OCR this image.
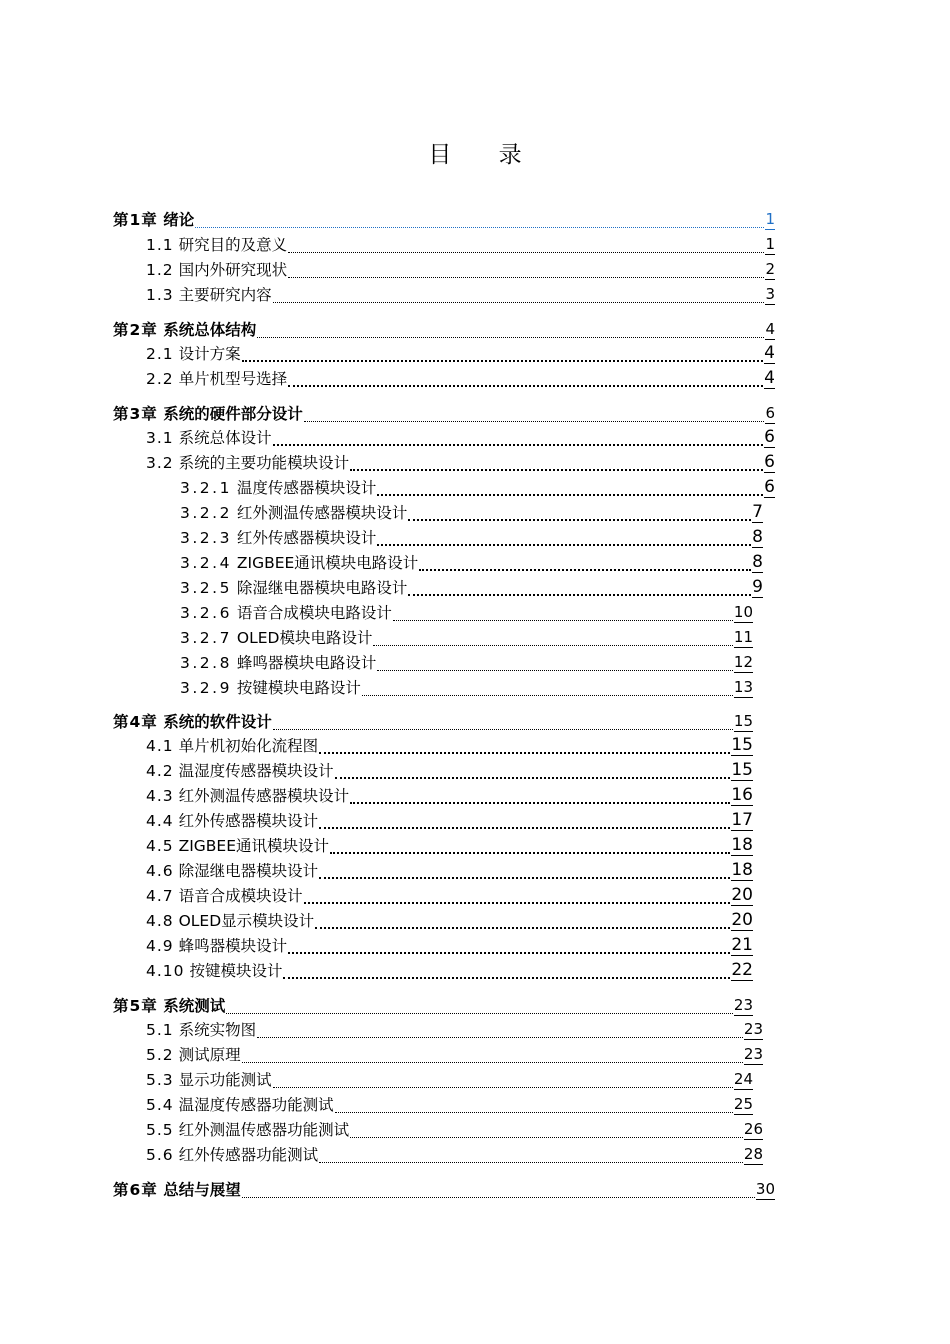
目 录
第1章 绪论	1
1.1 研究目的及意义	1
1.2 国内外研究现状	2
1.3 主要研究内容	3
第2章 系统总体结构	4
2.1 设计方案	4
2.2 单片机型号选择	4
第3章 系统的硬件部分设计	6
3.1 系统总体设计	6
3.2 系统的主要功能模块设计	6
3.2.1 温度传感器模块设计	6
3.2.2 红外测温传感器模块设计	7
3.2.3 红外传感器模块设计	8
3.2.4 ZIGBEE通讯模块电路设计	8
3.2.5 除湿继电器模块电路设计	9
3.2.6 语音合成模块电路设计	10
3.2.7 OLED模块电路设计	11
3.2.8 蜂鸣器模块电路设计	12
3.2.9 按键模块电路设计	13
第4章 系统的软件设计	15
4.1 单片机初始化流程图	15
4.2 温湿度传感器模块设计	15
4.3 红外测温传感器模块设计	16
4.4 红外传感器模块设计	17
4.5 ZIGBEE通讯模块设计	18
4.6 除湿继电器模块设计	18
4.7 语音合成模块设计	20
4.8 OLED显示模块设计	20
4.9 蜂鸣器模块设计	21
4.10 按键模块设计	22
第5章 系统测试	23
5.1 系统实物图	23
5.2 测试原理	23
5.3 显示功能测试	24
5.4 温湿度传感器功能测试	25
5.5 红外测温传感器功能测试	26
5.6 红外传感器功能测试	28
第6章 总结与展望	30
